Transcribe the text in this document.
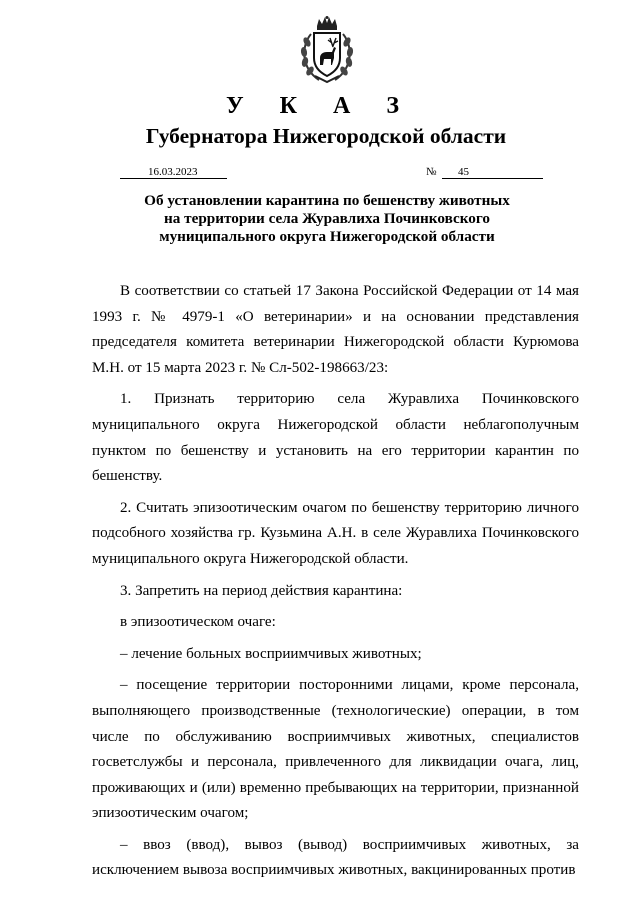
У К А З
Губернатора Нижегородской области
16.03.2023	№ 45
Об установлении карантина по бешенству животных
на территории села Журавлиха Починковского
муниципального округа Нижегородской области

В соответствии со статьей 17 Закона Российской Федерации от 14 мая 1993 г. № 4979-1 «О ветеринарии» и на основании представления председателя комитета ветеринарии Нижегородской области Курюмова М.Н. от 15 марта 2023 г. № Сл-502-198663/23:

1. Признать территорию села Журавлиха Починковского муниципального округа Нижегородской области неблагополучным пунктом по бешенству и установить на его территории карантин по бешенству.

2. Считать эпизоотическим очагом по бешенству территорию личного подсобного хозяйства гр. Кузьмина А.Н. в селе Журавлиха Починковского муниципального округа Нижегородской области.

3. Запретить на период действия карантина:

в эпизоотическом очаге:

– лечение больных восприимчивых животных;

– посещение территории посторонними лицами, кроме персонала, выполняющего производственные (технологические) операции, в том числе по обслуживанию восприимчивых животных, специалистов госветслужбы и персонала, привлеченного для ликвидации очага, лиц, проживающих и (или) временно пребывающих на территории, признанной эпизоотическим очагом;

– ввоз (ввод), вывоз (вывод) восприимчивых животных, за исключением вывоза восприимчивых животных, вакцинированных против
